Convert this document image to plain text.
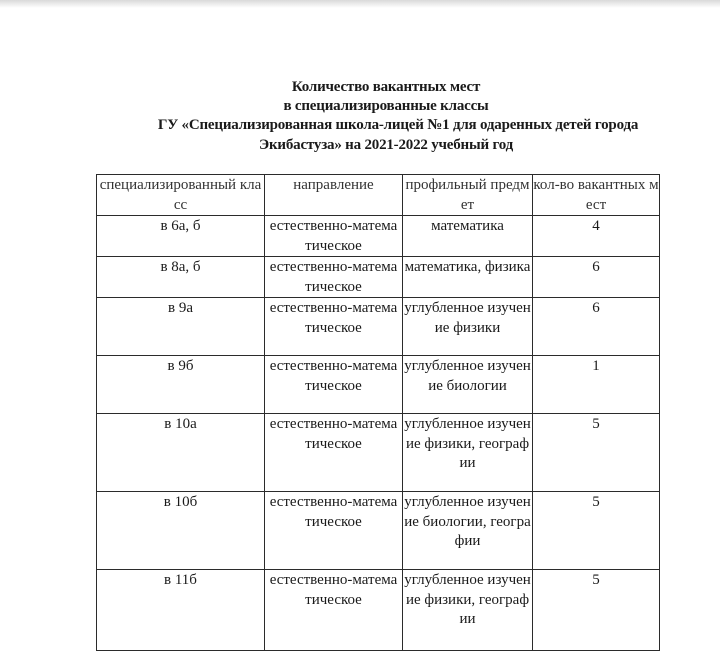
Количество вакантных мест
в специализированные классы
ГУ «Специализированная школа-лицей №1 для одаренных детей города
Экибастуза» на 2021-2022 учебный год
специализированный класс	направление	профильный предмет	кол-во вакантных мест

в 6а, б	естественно-математическое	математика	4

в 8а, б	естественно-математическое	математика, физика	6

в 9а	естественно-математическое	углубленное изучение физики	6

в 9б	естественно-математическое	углубленное изучение биологии	1

в 10а	естественно-математическое	углубленное изучение физики, географии	5

в 10б	естественно-математическое	углубленное изучение биологии, географии	5

в 11б	естественно-математическое	углубленное изучение физики, географии	5
